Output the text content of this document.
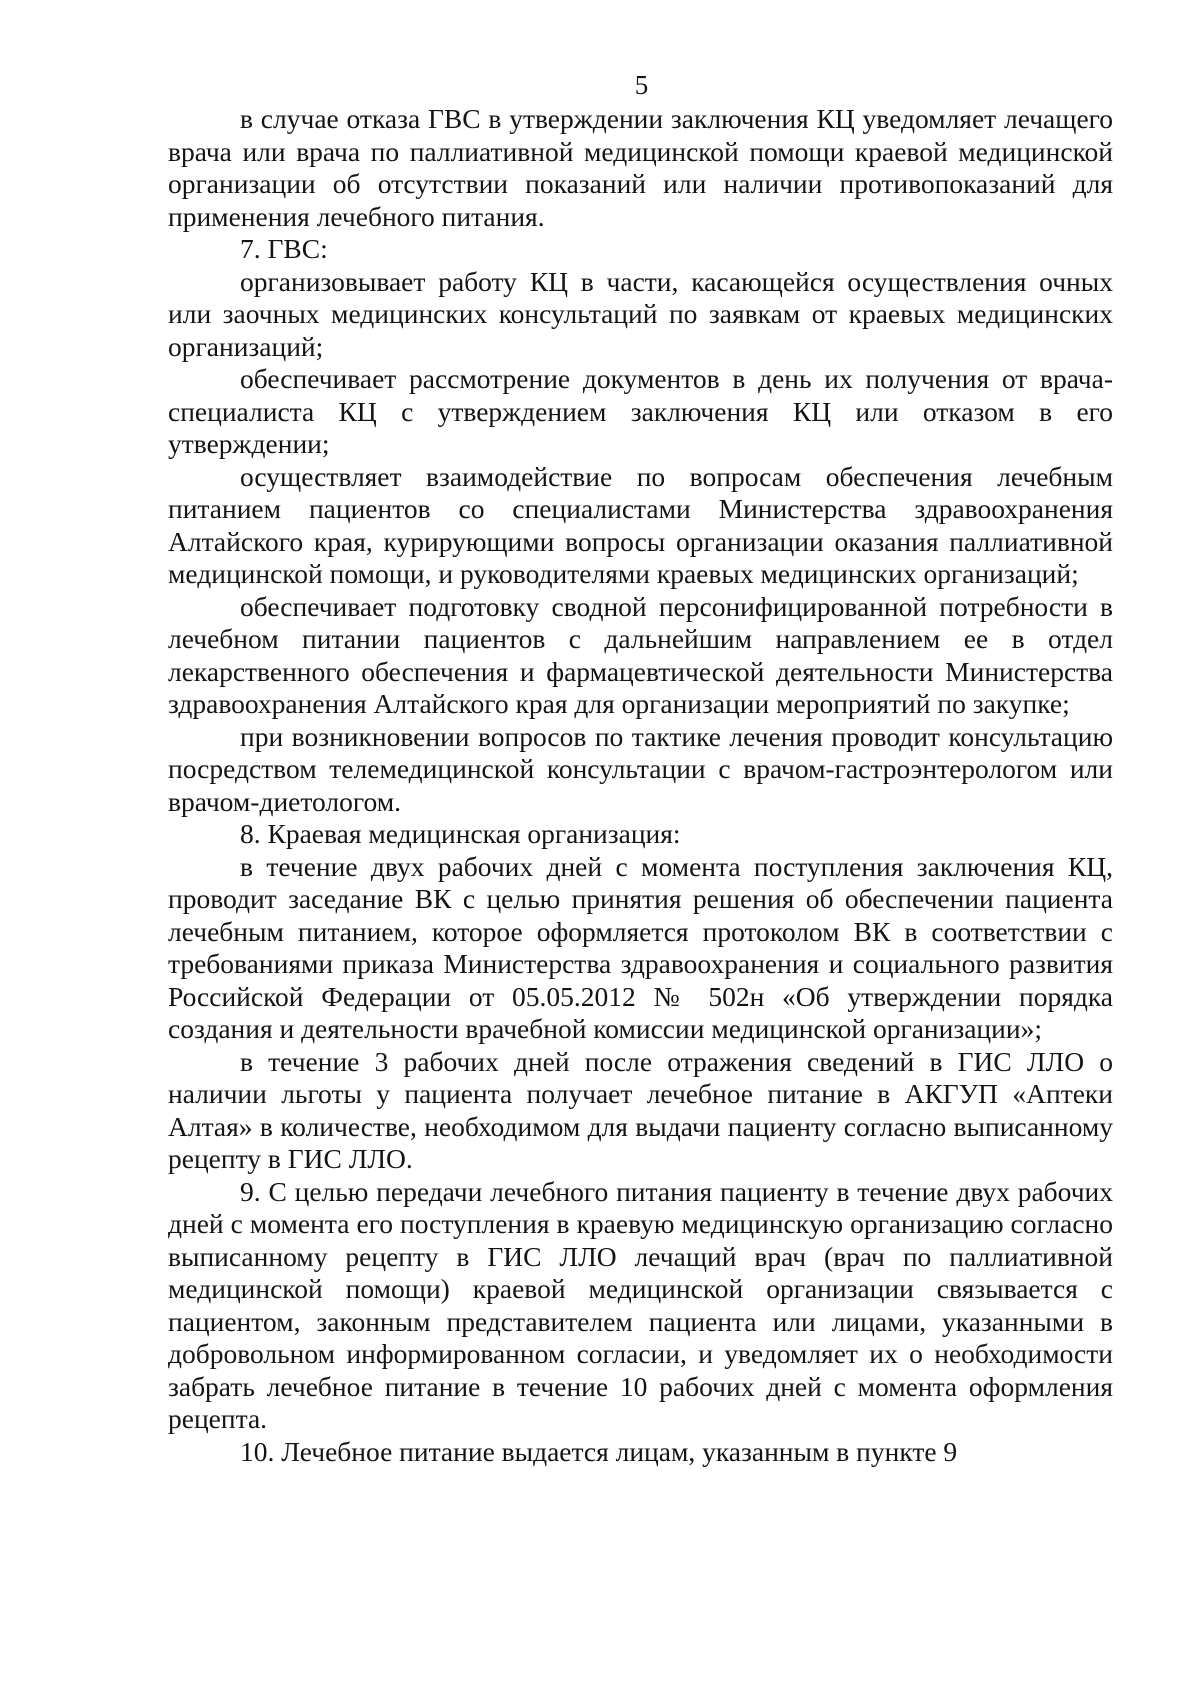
5

в случае отказа ГВС в утверждении заключения КЦ уведомляет лечащего врача или врача по паллиативной медицинской помощи краевой медицинской организации об отсутствии показаний или наличии противопоказаний для применения лечебного питания.

7. ГВС:

организовывает работу КЦ в части, касающейся осуществления очных или заочных медицинских консультаций по заявкам от краевых медицинских организаций;

обеспечивает рассмотрение документов в день их получения от врача-специалиста КЦ с утверждением заключения КЦ или отказом в его утверждении;

осуществляет взаимодействие по вопросам обеспечения лечебным питанием пациентов со специалистами Министерства здравоохранения Алтайского края, курирующими вопросы организации оказания паллиативной медицинской помощи, и руководителями краевых медицинских организаций;

обеспечивает подготовку сводной персонифицированной потребности в лечебном питании пациентов с дальнейшим направлением ее в отдел лекарственного обеспечения и фармацевтической деятельности Министерства здравоохранения Алтайского края для организации мероприятий по закупке;

при возникновении вопросов по тактике лечения проводит консультацию посредством телемедицинской консультации с врачом-гастроэнтерологом или врачом-диетологом.

8. Краевая медицинская организация:

в течение двух рабочих дней с момента поступления заключения КЦ, проводит заседание ВК с целью принятия решения об обеспечении пациента лечебным питанием, которое оформляется протоколом ВК в соответствии с требованиями приказа Министерства здравоохранения и социального развития Российской Федерации от 05.05.2012 № 502н «Об утверждении порядка создания и деятельности врачебной комиссии медицинской организации»;

в течение 3 рабочих дней после отражения сведений в ГИС ЛЛО о наличии льготы у пациента получает лечебное питание в АКГУП «Аптеки Алтая» в количестве, необходимом для выдачи пациенту согласно выписанному рецепту в ГИС ЛЛО.

9. С целью передачи лечебного питания пациенту в течение двух рабочих дней с момента его поступления в краевую медицинскую организацию согласно выписанному рецепту в ГИС ЛЛО лечащий врач (врач по паллиативной медицинской помощи) краевой медицинской организации связывается с пациентом, законным представителем пациента или лицами, указанными в добровольном информированном согласии, и уведомляет их о необходимости забрать лечебное питание в течение 10 рабочих дней с момента оформления рецепта.

10. Лечебное питание выдается лицам, указанным в пункте 9
